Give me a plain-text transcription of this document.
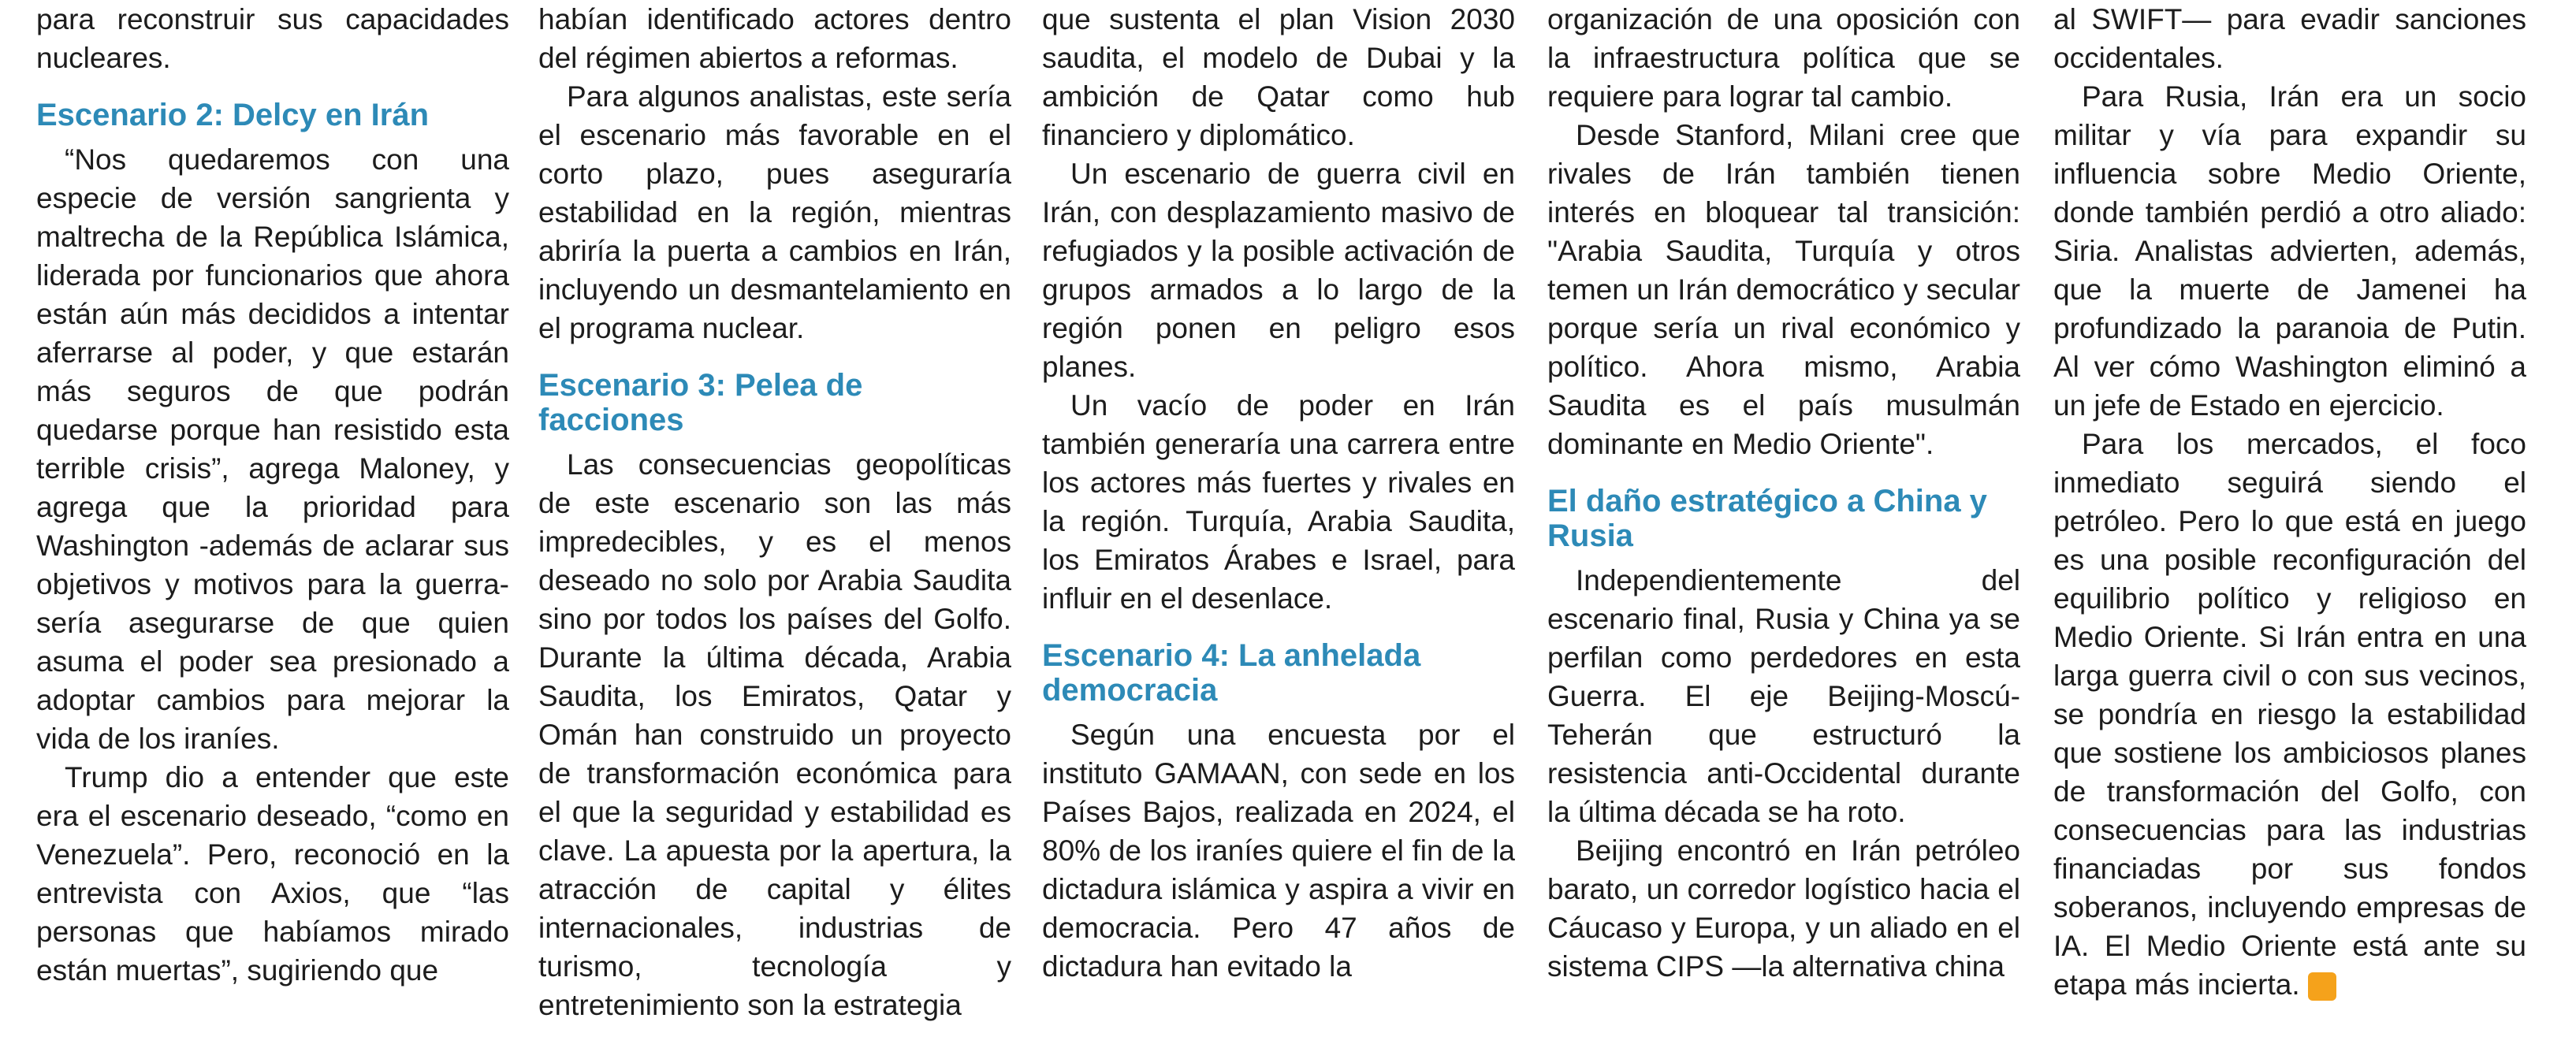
para reconstruir sus capacidades nucleares.

Escenario 2: Delcy en Irán

“Nos quedaremos con una especie de versión sangrienta y maltrecha de la República Islámica, liderada por funcionarios que ahora están aún más decididos a intentar aferrarse al poder, y que estarán más seguros de que podrán quedarse porque han resistido esta terrible crisis”, agrega Maloney, y agrega que la prioridad para Washington -además de aclarar sus objetivos y motivos para la guerra- sería asegurarse de que quien asuma el poder sea presionado a adoptar cambios para mejorar la vida de los iraníes.

Trump dio a entender que este era el escenario deseado, “como en Venezuela”. Pero, reconoció en la entrevista con Axios, que “las personas que habíamos mirado están muertas”, sugiriendo que

habían identificado actores dentro del régimen abiertos a reformas.

Para algunos analistas, este sería el escenario más favorable en el corto plazo, pues aseguraría estabilidad en la región, mientras abriría la puerta a cambios en Irán, incluyendo un desmantelamiento en el programa nuclear.

Escenario 3: Pelea de facciones

Las consecuencias geopolíticas de este escenario son las más impredecibles, y es el menos deseado no solo por Arabia Saudita sino por todos los países del Golfo. Durante la última década, Arabia Saudita, los Emiratos, Qatar y Omán han construido un proyecto de transformación económica para el que la seguridad y estabilidad es clave. La apuesta por la apertura, la atracción de capital y élites internacionales, industrias de turismo, tecnología y entretenimiento son la estrategia

que sustenta el plan Vision 2030 saudita, el modelo de Dubai y la ambición de Qatar como hub financiero y diplomático.

Un escenario de guerra civil en Irán, con desplazamiento masivo de refugiados y la posible activación de grupos armados a lo largo de la región ponen en peligro esos planes.

Un vacío de poder en Irán también generaría una carrera entre los actores más fuertes y rivales en la región. Turquía, Arabia Saudita, los Emiratos Árabes e Israel, para influir en el desenlace.

Escenario 4: La anhelada democracia

Según una encuesta por el instituto GAMAAN, con sede en los Países Bajos, realizada en 2024, el 80% de los iraníes quiere el fin de la dictadura islámica y aspira a vivir en democracia. Pero 47 años de dictadura han evitado la

organización de una oposición con la infraestructura política que se requiere para lograr tal cambio.

Desde Stanford, Milani cree que rivales de Irán también tienen interés en bloquear tal transición: "Arabia Saudita, Turquía y otros temen un Irán democrático y secular porque sería un rival económico y político. Ahora mismo, Arabia Saudita es el país musulmán dominante en Medio Oriente".

El daño estratégico a China y Rusia

Independientemente del escenario final, Rusia y China ya se perfilan como perdedores en esta Guerra. El eje Beijing-Moscú-Teherán que estructuró la resistencia anti-Occidental durante la última década se ha roto.

Beijing encontró en Irán petróleo barato, un corredor logístico hacia el Cáucaso y Europa, y un aliado en el sistema CIPS —la alternativa china

al SWIFT— para evadir sanciones occidentales.

Para Rusia, Irán era un socio militar y vía para expandir su influencia sobre Medio Oriente, donde también perdió a otro aliado: Siria. Analistas advierten, además, que la muerte de Jamenei ha profundizado la paranoia de Putin. Al ver cómo Washington eliminó a un jefe de Estado en ejercicio.

Para los mercados, el foco inmediato seguirá siendo el petróleo. Pero lo que está en juego es una posible reconfiguración del equilibrio político y religioso en Medio Oriente. Si Irán entra en una larga guerra civil o con sus vecinos, se pondría en riesgo la estabilidad que sostiene los ambiciosos planes de transformación del Golfo, con consecuencias para las industrias financiadas por sus fondos soberanos, incluyendo empresas de IA. El Medio Oriente está ante su etapa más incierta. S
